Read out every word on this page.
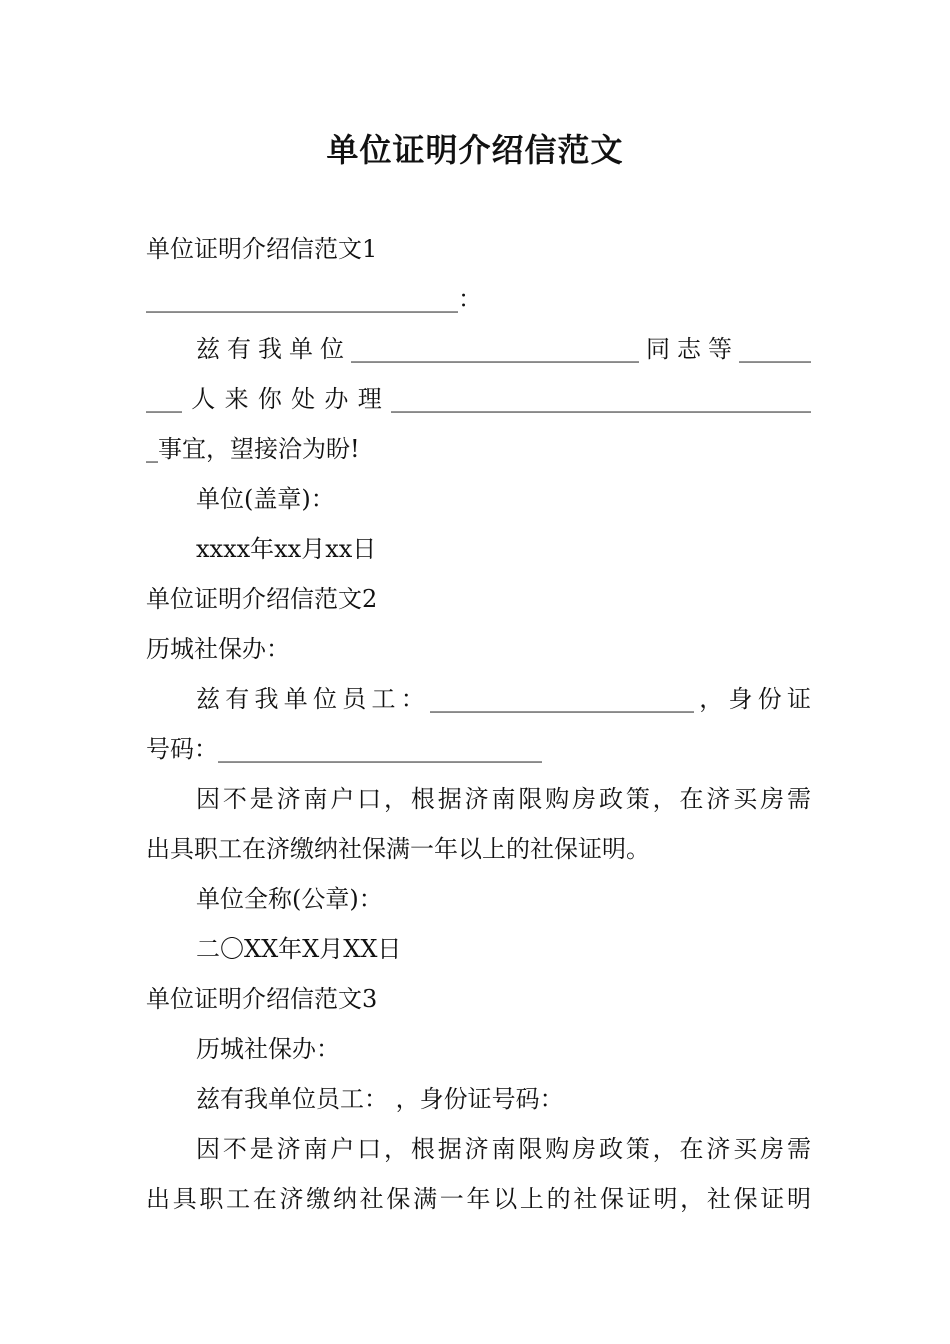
单位证明介绍信范文
单位证明介绍信范文1
__________________________：
兹有我单位________________________同志等______
___人来你处办理___________________________________
_事宜，望接洽为盼!
单位(盖章)：
xxxx年xx月xx日
单位证明介绍信范文2
历城社保办：
兹有我单位员工：______________________，身份证
号码：___________________________
因不是济南户口，根据济南限购房政策，在济买房需
出具职工在济缴纳社保满一年以上的社保证明。
单位全称(公章)：
二〇XX年X月XX日
单位证明介绍信范文3
历城社保办：
兹有我单位员工： ，身份证号码：
因不是济南户口，根据济南限购房政策，在济买房需
出具职工在济缴纳社保满一年以上的社保证明，社保证明
